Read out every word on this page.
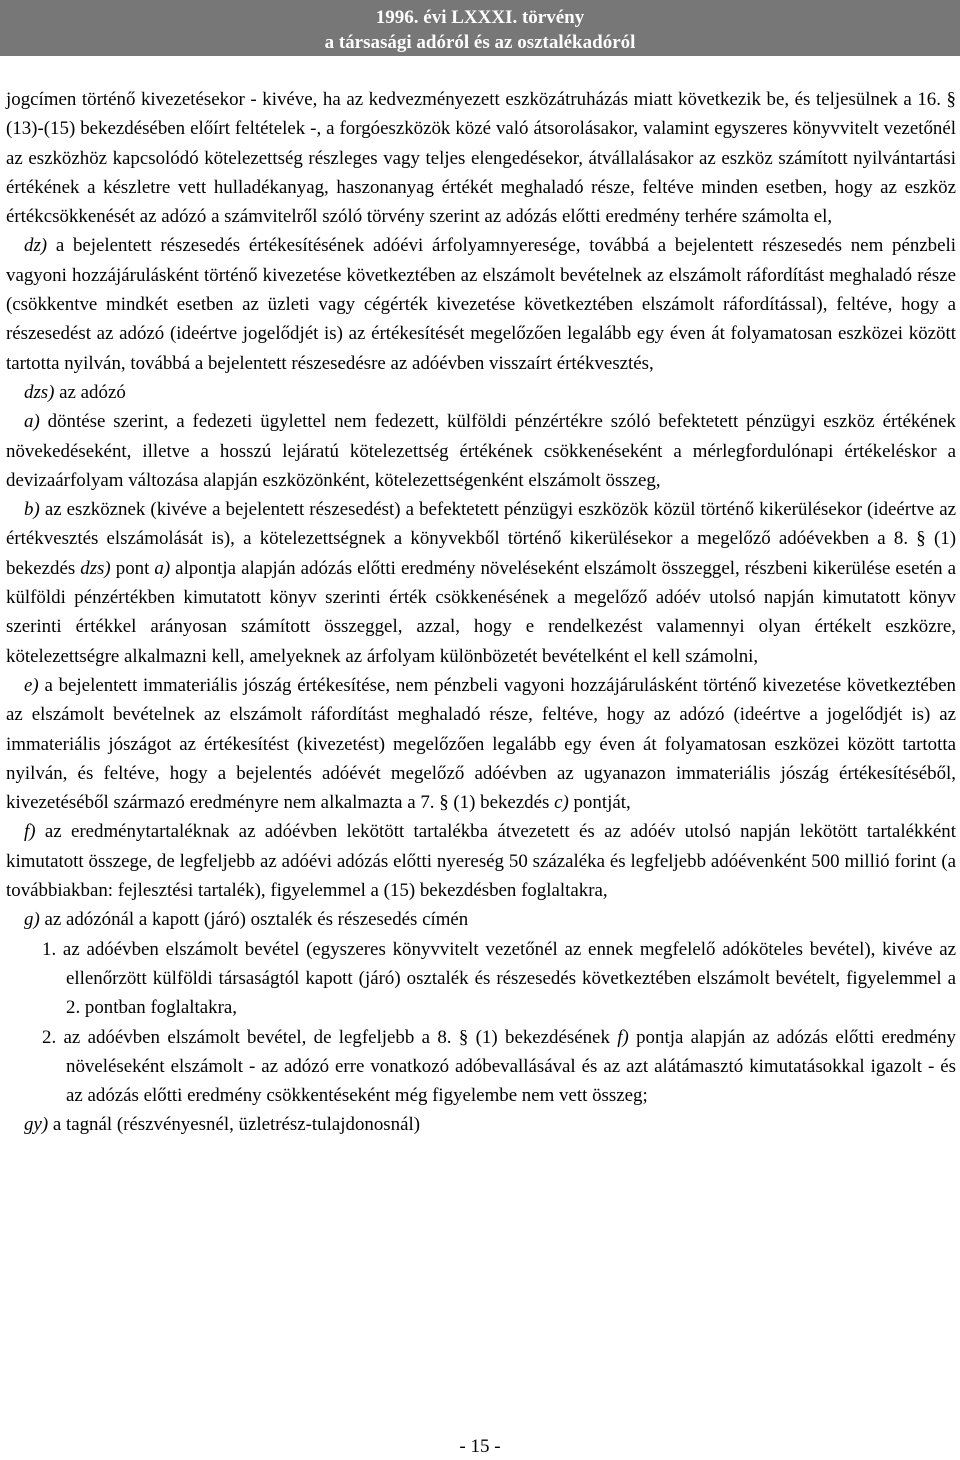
1996. évi LXXXI. törvény
a társasági adóról és az osztalékadóról

jogcímen történő kivezetésekor - kivéve, ha az kedvezményezett eszközátruházás miatt következik be, és teljesülnek a 16. § (13)-(15) bekezdésében előírt feltételek -, a forgóeszközök közé való átsorolásakor, valamint egyszeres könyvvitelt vezetőnél az eszközhöz kapcsolódó kötelezettség részleges vagy teljes elengedésekor, átvállalásakor az eszköz számított nyilvántartási értékének a készletre vett hulladékanyag, haszonanyag értékét meghaladó része, feltéve minden esetben, hogy az eszköz értékcsökkenését az adózó a számvitelről szóló törvény szerint az adózás előtti eredmény terhére számolta el,

dz) a bejelentett részesedés értékesítésének adóévi árfolyamnyeresége, továbbá a bejelentett részesedés nem pénzbeli vagyoni hozzájárulásként történő kivezetése következtében az elszámolt bevételnek az elszámolt ráfordítást meghaladó része (csökkentve mindkét esetben az üzleti vagy cégérték kivezetése következtében elszámolt ráfordítással), feltéve, hogy a részesedést az adózó (ideértve jogelődjét is) az értékesítését megelőzően legalább egy éven át folyamatosan eszközei között tartotta nyilván, továbbá a bejelentett részesedésre az adóévben visszaírt értékvesztés,

dzs) az adózó

a) döntése szerint, a fedezeti ügylettel nem fedezett, külföldi pénzértékre szóló befektetett pénzügyi eszköz értékének növekedéseként, illetve a hosszú lejáratú kötelezettség értékének csökkenéseként a mérlegfordulónapi értékeléskor a devizaárfolyam változása alapján eszközönként, kötelezettségenként elszámolt összeg,

b) az eszköznek (kivéve a bejelentett részesedést) a befektetett pénzügyi eszközök közül történő kikerülésekor (ideértve az értékvesztés elszámolását is), a kötelezettségnek a könyvekből történő kikerülésekor a megelőző adóévekben a 8. § (1) bekezdés dzs) pont a) alpontja alapján adózás előtti eredmény növeléseként elszámolt összeggel, részbeni kikerülése esetén a külföldi pénzértékben kimutatott könyv szerinti érték csökkenésének a megelőző adóév utolsó napján kimutatott könyv szerinti értékkel arányosan számított összeggel, azzal, hogy e rendelkezést valamennyi olyan értékelt eszközre, kötelezettségre alkalmazni kell, amelyeknek az árfolyam különbözetét bevételként el kell számolni,

e) a bejelentett immateriális jószág értékesítése, nem pénzbeli vagyoni hozzájárulásként történő kivezetése következtében az elszámolt bevételnek az elszámolt ráfordítást meghaladó része, feltéve, hogy az adózó (ideértve a jogelődjét is) az immateriális jószágot az értékesítést (kivezetést) megelőzően legalább egy éven át folyamatosan eszközei között tartotta nyilván, és feltéve, hogy a bejelentés adóévét megelőző adóévben az ugyanazon immateriális jószág értékesítéséből, kivezetéséből származó eredményre nem alkalmazta a 7. § (1) bekezdés c) pontját,

f) az eredménytartaléknak az adóévben lekötött tartalékba átvezetett és az adóév utolsó napján lekötött tartalékként kimutatott összege, de legfeljebb az adóévi adózás előtti nyereség 50 százaléka és legfeljebb adóévenként 500 millió forint (a továbbiakban: fejlesztési tartalék), figyelemmel a (15) bekezdésben foglaltakra,

g) az adózónál a kapott (járó) osztalék és részesedés címén

1. az adóévben elszámolt bevétel (egyszeres könyvvitelt vezetőnél az ennek megfelelő adóköteles bevétel), kivéve az ellenőrzött külföldi társaságtól kapott (járó) osztalék és részesedés következtében elszámolt bevételt, figyelemmel a 2. pontban foglaltakra,

2. az adóévben elszámolt bevétel, de legfeljebb a 8. § (1) bekezdésének f) pontja alapján az adózás előtti eredmény növeléseként elszámolt - az adózó erre vonatkozó adóbevallásával és az azt alátámasztó kimutatásokkal igazolt - és az adózás előtti eredmény csökkentéseként még figyelembe nem vett összeg;

gy) a tagnál (részvényesnél, üzletrész-tulajdonosnál)

- 15 -
